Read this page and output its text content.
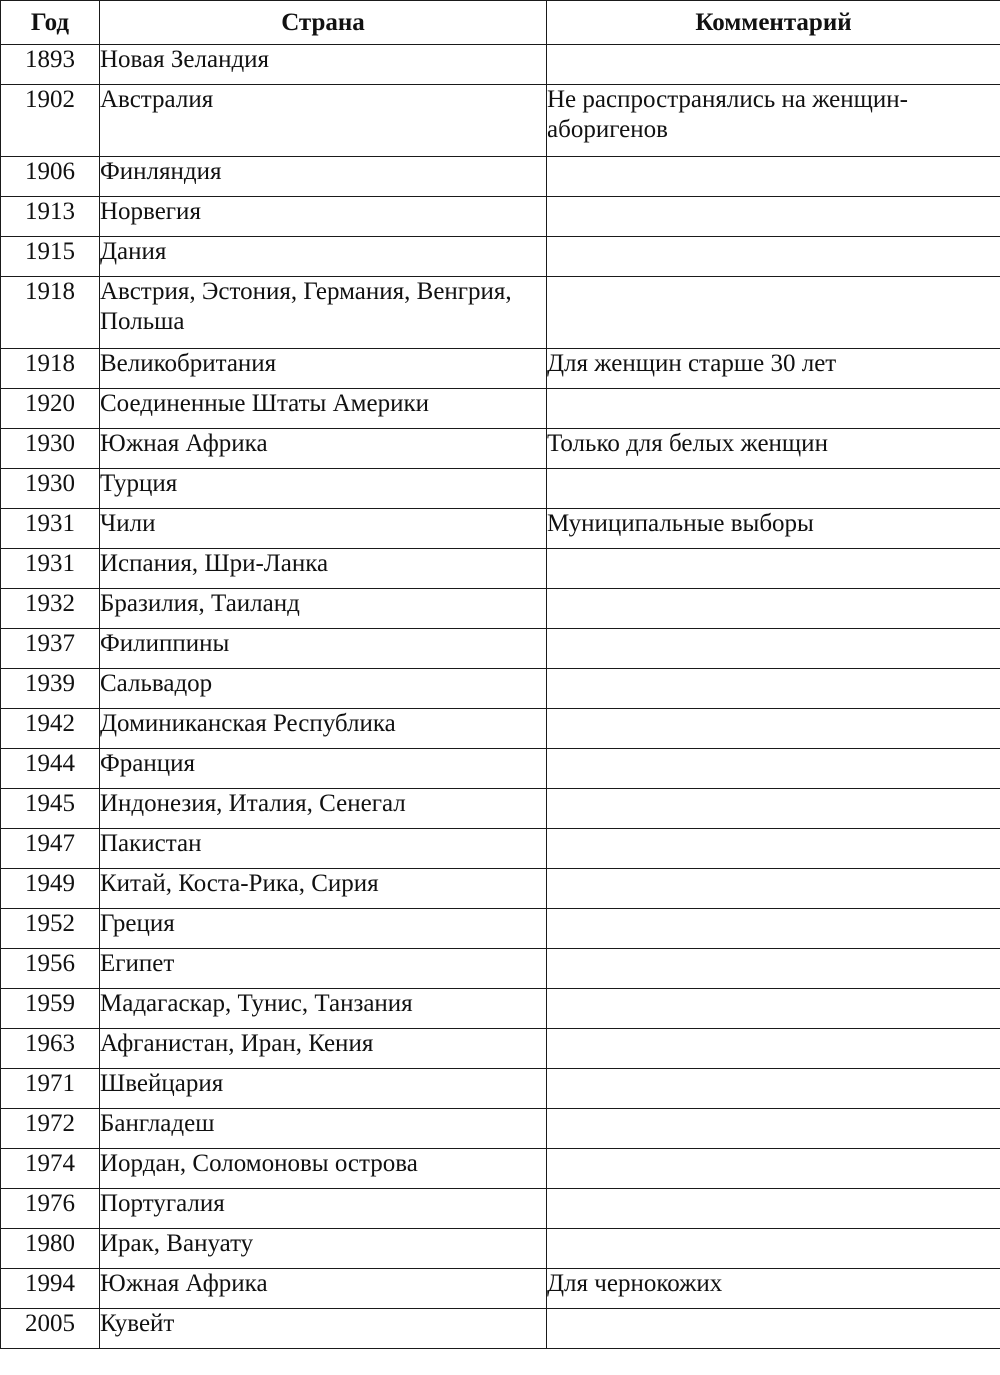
Год	Страна	Комментарий
1893	Новая Зеландия	
1902	Австралия	Не распространялись на женщин-аборигенов
1906	Финляндия	
1913	Норвегия	
1915	Дания	
1918	Австрия, Эстония, Германия, Венгрия, Польша	
1918	Великобритания	Для женщин старше 30 лет
1920	Соединенные Штаты Америки	
1930	Южная Африка	Только для белых женщин
1930	Турция	
1931	Чили	Муниципальные выборы
1931	Испания, Шри-Ланка	
1932	Бразилия, Таиланд	
1937	Филиппины	
1939	Сальвадор	
1942	Доминиканская Республика	
1944	Франция	
1945	Индонезия, Италия, Сенегал	
1947	Пакистан	
1949	Китай, Коста-Рика, Сирия	
1952	Греция	
1956	Египет	
1959	Мадагаскар, Тунис, Танзания	
1963	Афганистан, Иран, Кения	
1971	Швейцария	
1972	Бангладеш	
1974	Иордан, Соломоновы острова	
1976	Португалия	
1980	Ирак, Вануату	
1994	Южная Африка	Для чернокожих
2005	Кувейт	
